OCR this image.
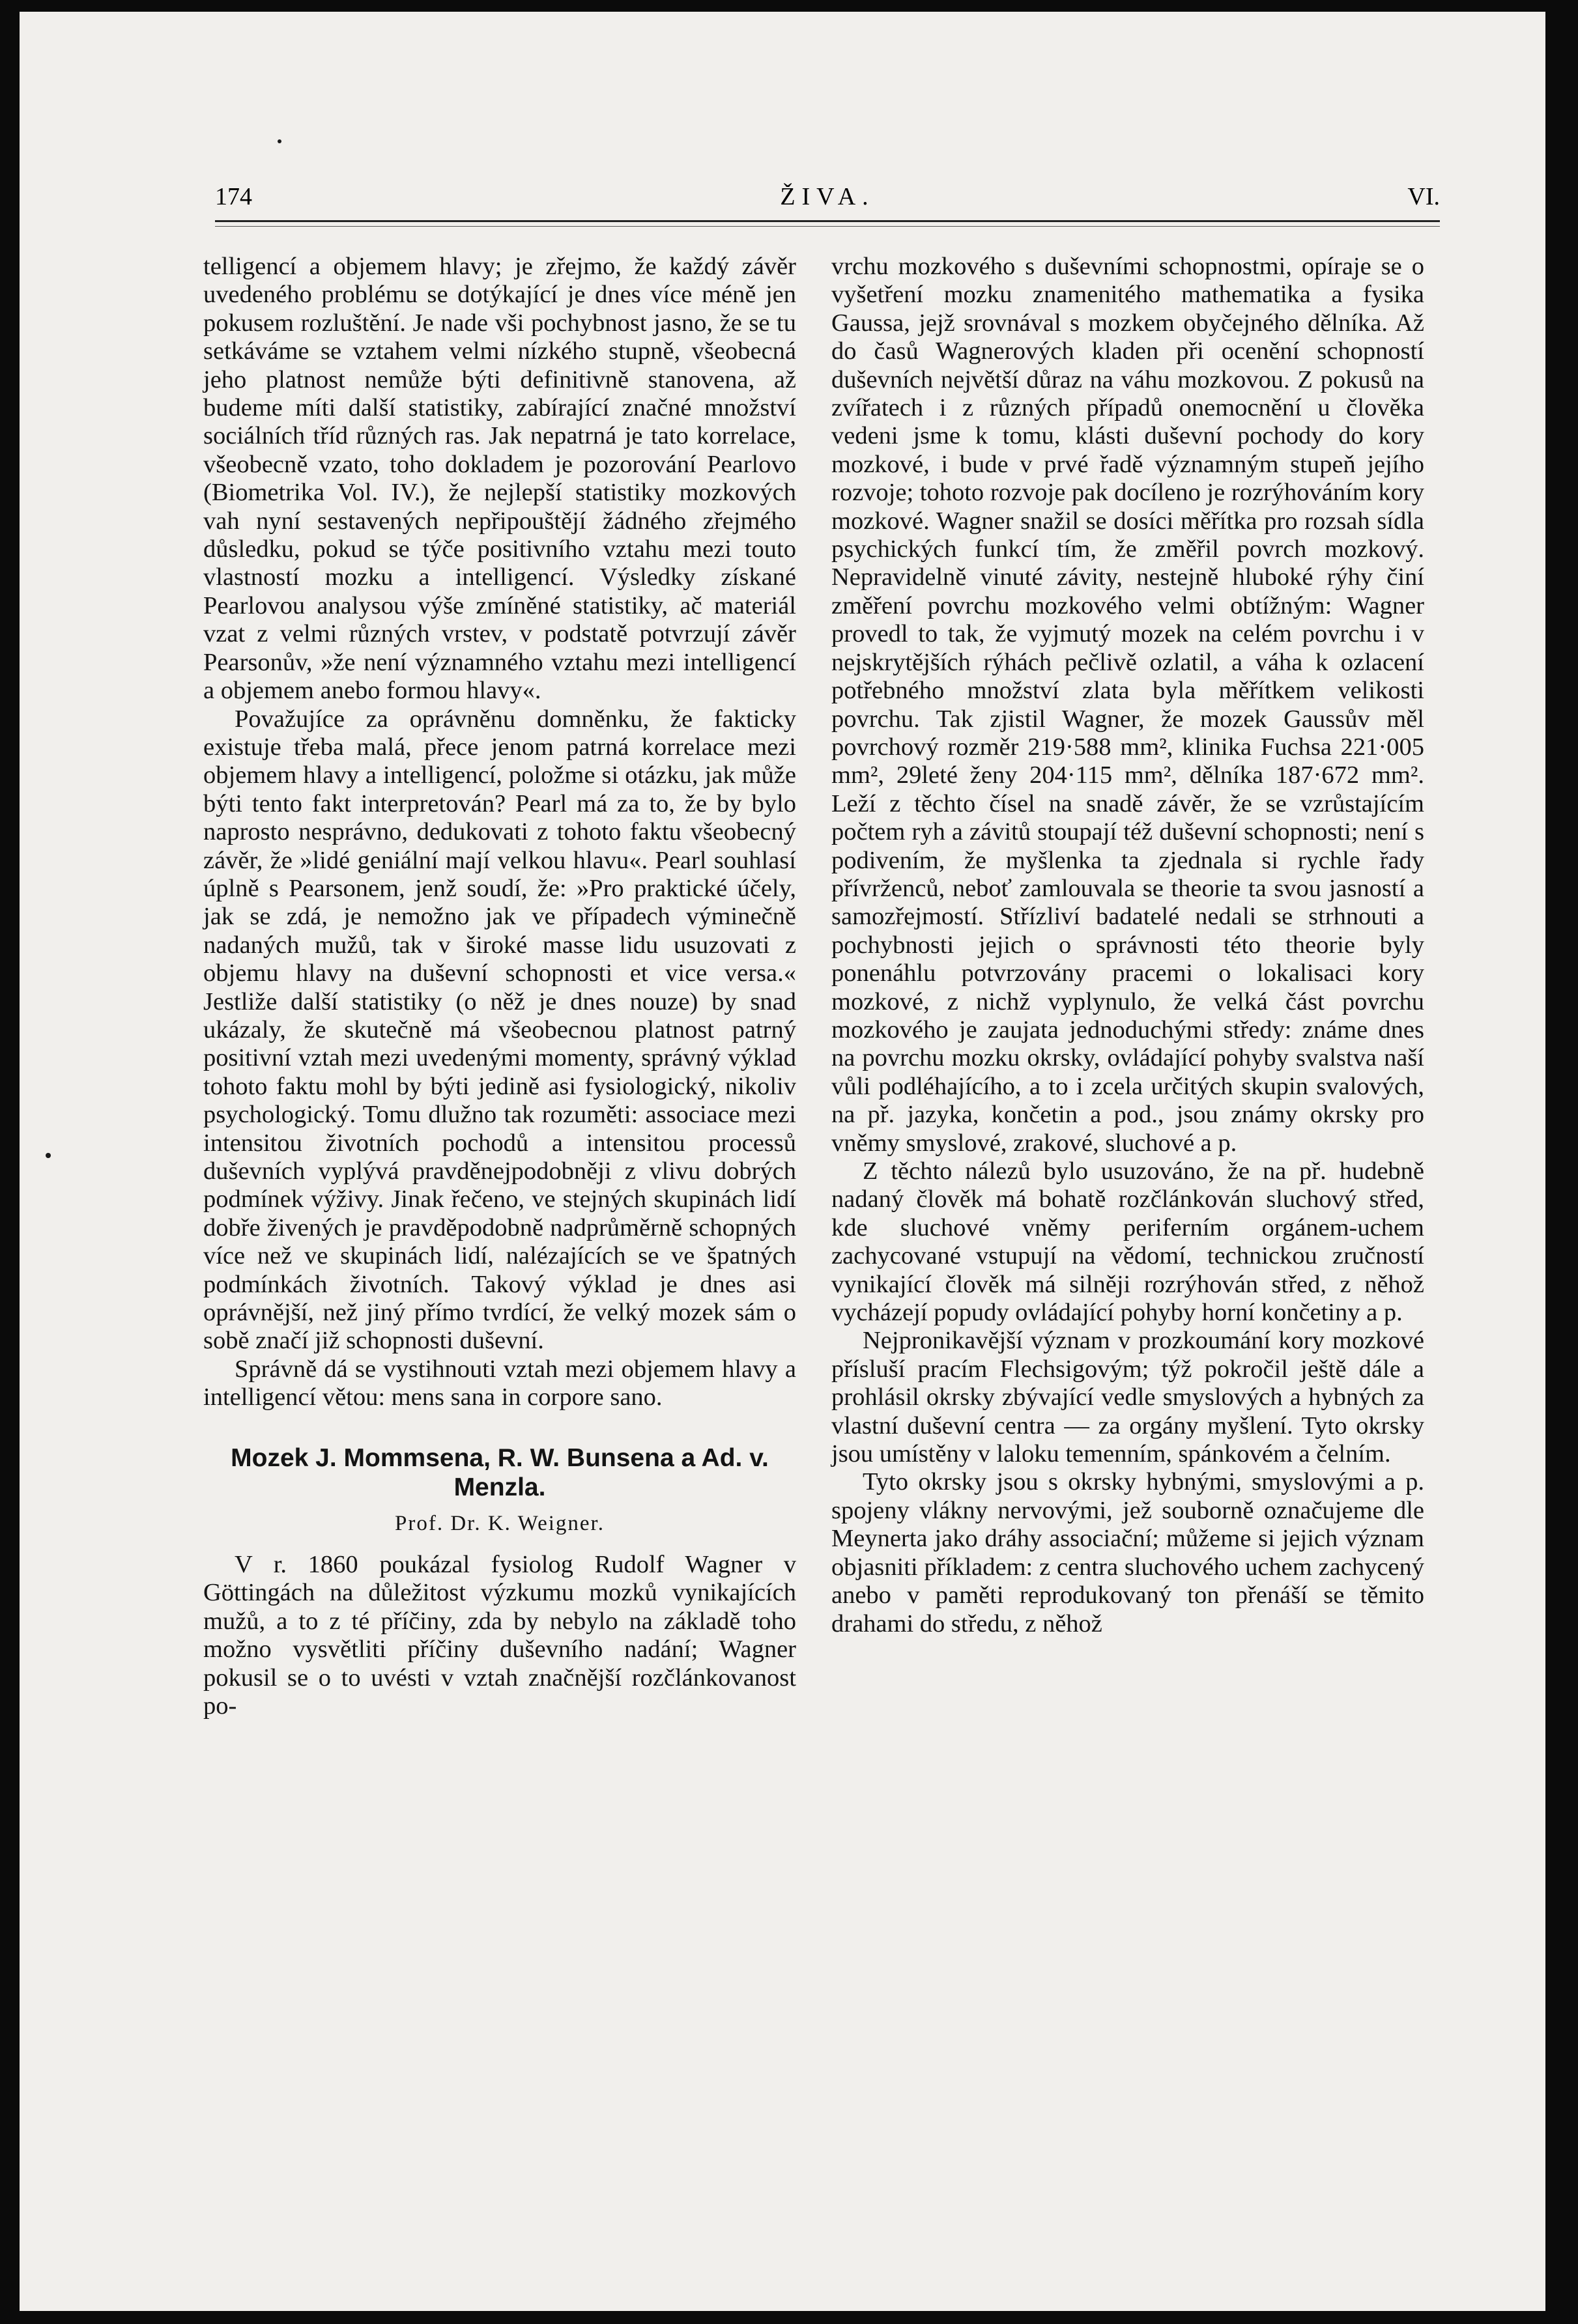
174	ŽIVA.	VI.

telligencí a objemem hlavy; je zřejmo, že každý závěr uvedeného problému se dotýkající je dnes více méně jen pokusem rozluštění. Je nade vši pochybnost jasno, že se tu setkáváme se vztahem velmi nízkého stupně, všeobecná jeho platnost nemůže býti definitivně stanovena, až budeme míti další statistiky, zabírající značné množství sociálních tříd různých ras. Jak nepatrná je tato korrelace, všeobecně vzato, toho dokladem je pozorování Pearlovo (Biometrika Vol. IV.), že nejlepší statistiky mozkových vah nyní sestavených nepřipouštějí žádného zřejmého důsledku, pokud se týče positivního vztahu mezi touto vlastností mozku a intelligencí. Výsledky získané Pearlovou analysou výše zmíněné statistiky, ač materiál vzat z velmi různých vrstev, v podstatě potvrzují závěr Pearsonův, »že není významného vztahu mezi intelligencí a objemem anebo formou hlavy«.

Považujíce za oprávněnu domněnku, že fakticky existuje třeba malá, přece jenom patrná korrelace mezi objemem hlavy a intelligencí, položme si otázku, jak může býti tento fakt interpretován? Pearl má za to, že by bylo naprosto nesprávno, dedukovati z tohoto faktu všeobecný závěr, že »lidé geniální mají velkou hlavu«. Pearl souhlasí úplně s Pearsonem, jenž soudí, že: »Pro praktické účely, jak se zdá, je nemožno jak ve případech výminečně nadaných mužů, tak v široké masse lidu usuzovati z objemu hlavy na duševní schopnosti et vice versa.« Jestliže další statistiky (o něž je dnes nouze) by snad ukázaly, že skutečně má všeobecnou platnost patrný positivní vztah mezi uvedenými momenty, správný výklad tohoto faktu mohl by býti jedině asi fysiologický, nikoliv psychologický. Tomu dlužno tak rozuměti: associace mezi intensitou životních pochodů a intensitou processů duševních vyplývá pravděnejpodobněji z vlivu dobrých podmínek výživy. Jinak řečeno, ve stejných skupinách lidí dobře živených je pravděpodobně nadprůměrně schopných více než ve skupinách lidí, nalézajících se ve špatných podmínkách životních. Takový výklad je dnes asi oprávnější, než jiný přímo tvrdící, že velký mozek sám o sobě značí již schopnosti duševní.

Správně dá se vystihnouti vztah mezi objemem hlavy a intelligencí větou: mens sana in corpore sano.

Mozek J. Mommsena, R. W. Bunsena a Ad. v. Menzla.
Prof. Dr. K. Weigner.

V r. 1860 poukázal fysiolog Rudolf Wagner v Göttingách na důležitost výzkumu mozků vynikajících mužů, a to z té příčiny, zda by nebylo na základě toho možno vysvětliti příčiny duševního nadání; Wagner pokusil se o to uvésti v vztah značnější rozčlánkovanost po-

vrchu mozkového s duševními schopnostmi, opíraje se o vyšetření mozku znamenitého mathematika a fysika Gaussa, jejž srovnával s mozkem obyčejného dělníka. Až do časů Wagnerových kladen při ocenění schopností duševních největší důraz na váhu mozkovou. Z pokusů na zvířatech i z různých případů onemocnění u člověka vedeni jsme k tomu, klásti duševní pochody do kory mozkové, i bude v prvé řadě významným stupeň jejího rozvoje; tohoto rozvoje pak docíleno je rozrýhováním kory mozkové. Wagner snažil se dosíci měřítka pro rozsah sídla psychických funkcí tím, že změřil povrch mozkový. Nepravidelně vinuté závity, nestejně hluboké rýhy činí změření povrchu mozkového velmi obtížným: Wagner provedl to tak, že vyjmutý mozek na celém povrchu i v nejskrytějších rýhách pečlivě ozlatil, a váha k ozlacení potřebného množství zlata byla měřítkem velikosti povrchu. Tak zjistil Wagner, že mozek Gaussův měl povrchový rozměr 219·588 mm², klinika Fuchsa 221·005 mm², 29leté ženy 204·115 mm², dělníka 187·672 mm². Leží z těchto čísel na snadě závěr, že se vzrůstajícím počtem ryh a závitů stoupají též duševní schopnosti; není s podivením, že myšlenka ta zjednala si rychle řady přívrženců, neboť zamlouvala se theorie ta svou jasností a samozřejmostí. Střízliví badatelé nedali se strhnouti a pochybnosti jejich o správnosti této theorie byly ponenáhlu potvrzovány pracemi o lokalisaci kory mozkové, z nichž vyplynulo, že velká část povrchu mozkového je zaujata jednoduchými středy: známe dnes na povrchu mozku okrsky, ovládající pohyby svalstva naší vůli podléhajícího, a to i zcela určitých skupin svalových, na př. jazyka, končetin a pod., jsou známy okrsky pro vněmy smyslové, zrakové, sluchové a p.

Z těchto nálezů bylo usuzováno, že na př. hudebně nadaný člověk má bohatě rozčlánkován sluchový střed, kde sluchové vněmy periferním orgánem-uchem zachycované vstupují na vědomí, technickou zručností vynikající člověk má silněji rozrýhován střed, z něhož vycházejí popudy ovládající pohyby horní končetiny a p.

Nejpronikavější význam v prozkoumání kory mozkové přísluší pracím Flechsigovým; týž pokročil ještě dále a prohlásil okrsky zbývající vedle smyslových a hybných za vlastní duševní centra — za orgány myšlení. Tyto okrsky jsou umístěny v laloku temenním, spánkovém a čelním.

Tyto okrsky jsou s okrsky hybnými, smyslovými a p. spojeny vlákny nervovými, jež souborně označujeme dle Meynerta jako dráhy associační; můžeme si jejich význam objasniti příkladem: z centra sluchového uchem zachycený anebo v paměti reprodukovaný ton přenáší se těmito drahami do středu, z něhož
